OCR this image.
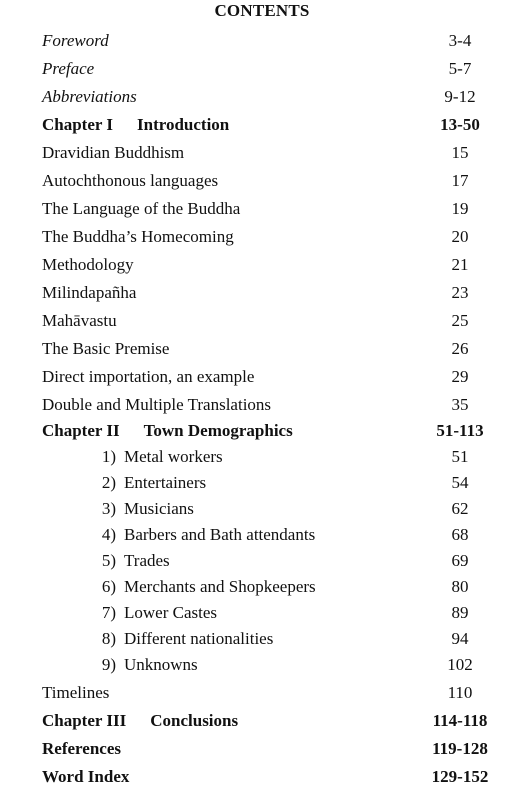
CONTENTS
Foreword	3-4
Preface	5-7
Abbreviations	9-12
Chapter I Introduction	13-50
Dravidian Buddhism	15
Autochthonous languages	17
The Language of the Buddha	19
The Buddha’s Homecoming	20
Methodology	21
Milindapañha	23
Mahāvastu	25
The Basic Premise	26
Direct importation, an example	29
Double and Multiple Translations	35
Chapter II Town Demographics	51-113
1) Metal workers	51
2) Entertainers	54
3) Musicians	62
4) Barbers and Bath attendants	68
5) Trades	69
6) Merchants and Shopkeepers	80
7) Lower Castes	89
8) Different nationalities	94
9) Unknowns	102
Timelines	110
Chapter III Conclusions	114-118
References	119-128
Word Index	129-152
